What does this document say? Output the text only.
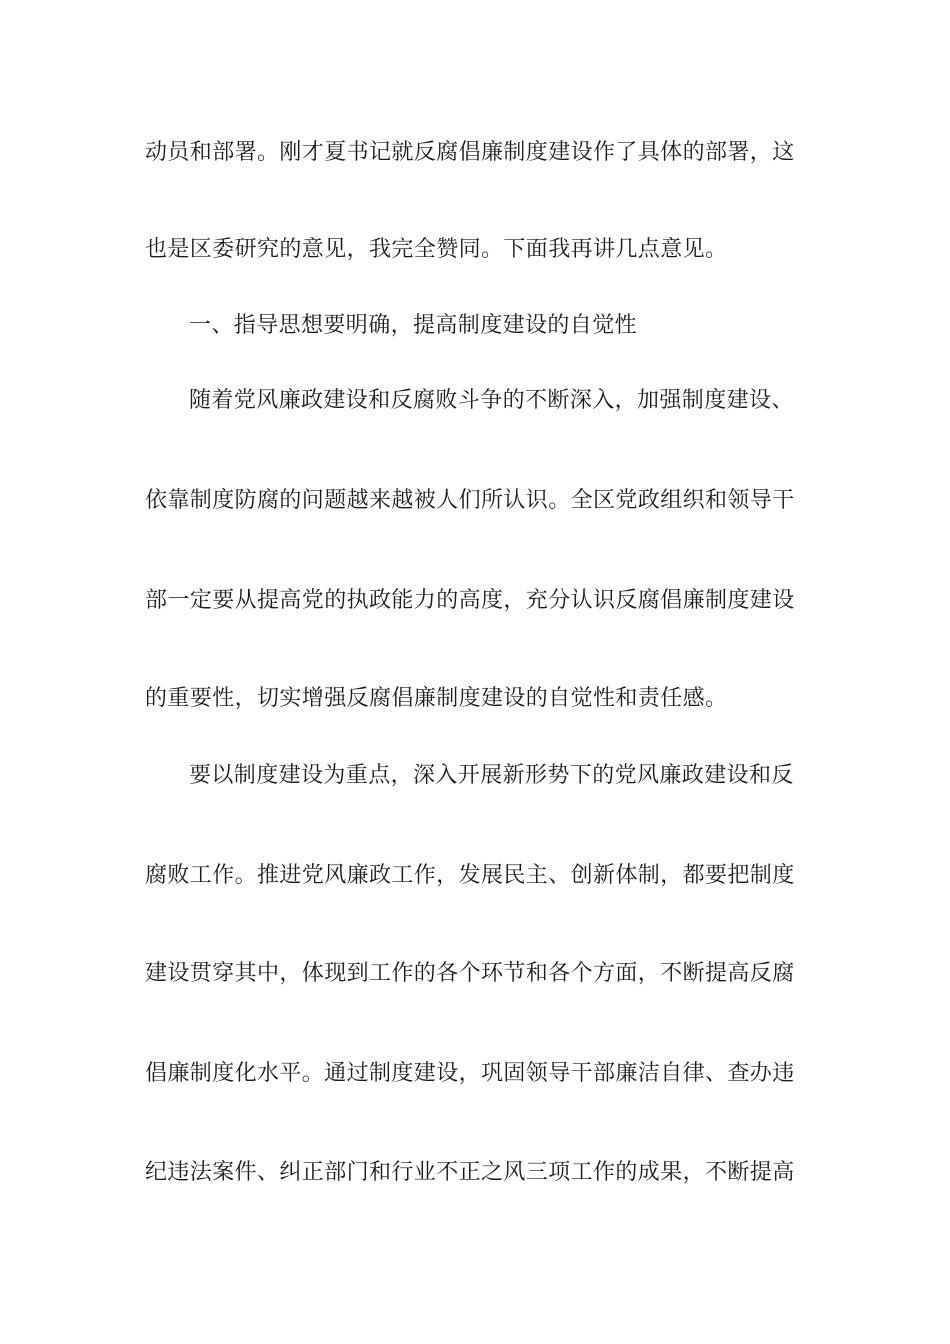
动员和部署。刚才夏书记就反腐倡廉制度建设作了具体的部署，这
也是区委研究的意见，我完全赞同。下面我再讲几点意见。
一、指导思想要明确，提高制度建设的自觉性
随着党风廉政建设和反腐败斗争的不断深入，加强制度建设、
依靠制度防腐的问题越来越被人们所认识。全区党政组织和领导干
部一定要从提高党的执政能力的高度，充分认识反腐倡廉制度建设
的重要性，切实增强反腐倡廉制度建设的自觉性和责任感。
要以制度建设为重点，深入开展新形势下的党风廉政建设和反
腐败工作。推进党风廉政工作，发展民主、创新体制，都要把制度
建设贯穿其中，体现到工作的各个环节和各个方面，不断提高反腐
倡廉制度化水平。通过制度建设，巩固领导干部廉洁自律、查办违
纪违法案件、纠正部门和行业不正之风三项工作的成果，不断提高
